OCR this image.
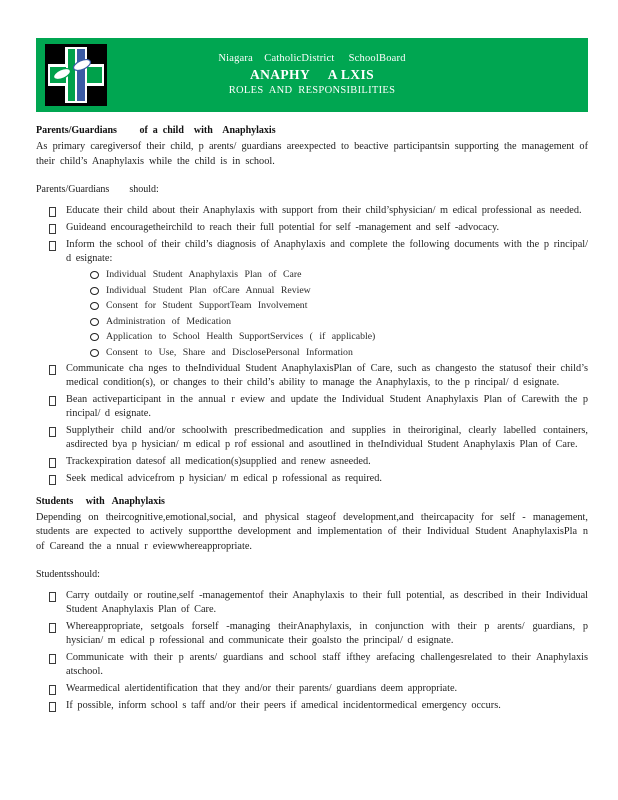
Niagara    CatholicDistrict     SchoolBoard
ANAPHY     A LXIS
ROLES  AND  RESPONSIBILITIES
Parents/Guardians         of  a  child    with    Anaphylaxis

As primary caregiversof their child, p arents/ guardians areexpected to beactive participantsin supporting the management of their child’s Anaphylaxis while the child is in school.

Parents/Guardians        should:

Educate their child about their Anaphylaxis with support from their child’sphysician/ m edical professional as needed.
Guideand encouragetheirchild to reach their full potential for self -management and self -advocacy.
Inform the school of their child’s diagnosis of Anaphylaxis and complete the following documents with the p rincipal/ d esignate:
Individual Student Anaphylaxis Plan of Care
Individual Student Plan ofCare Annual Review
Consent for Student SupportTeam Involvement
Administration of Medication
Application to School Health SupportServices ( if applicable)
Consent to Use, Share and DisclosePersonal Information
Communicate cha nges to theIndividual Student AnaphylaxisPlan of Care, such as changesto the statusof their child’s medical condition(s), or changes to their child’s ability to manage the Anaphylaxis, to the p rincipal/ d esignate.
Bean activeparticipant in the annual r eview and update the Individual Student Anaphylaxis Plan of Carewith the p rincipal/ d esignate.
Supplytheir child and/or schoolwith prescribedmedication and supplies in theiroriginal, clearly labelled containers, asdirected bya p hysician/ m edical p rof essional and asoutlined in theIndividual Student Anaphylaxis Plan of Care.
Trackexpiration datesof all medication(s)supplied and renew asneeded.
Seek medical advicefrom p hysician/ m edical p rofessional as required.
Students     with   Anaphylaxis

Depending on theircognitive,emotional,social, and physical stageof development,and theircapacity for self - management, students are expected to actively supportthe development and implementation of their Individual Student AnaphylaxisPla n of Careand the a nnual r eviewwhereappropriate.

Studentsshould:

Carry outdaily or routine,self -managementof their Anaphylaxis to their full potential, as described in their Individual Student Anaphylaxis Plan of Care.
Whereappropriate, setgoals forself -managing theirAnaphylaxis, in conjunction with their p arents/ guardians, p hysician/ m edical p rofessional and communicate their goalsto the principal/ d esignate.
Communicate with their p arents/ guardians and school staff ifthey arefacing challengesrelated to their Anaphylaxis atschool.
Wearmedical alertidentification that they and/or their parents/ guardians deem appropriate.
If possible, inform school s taff and/or their peers if amedical incidentormedical emergency occurs.
